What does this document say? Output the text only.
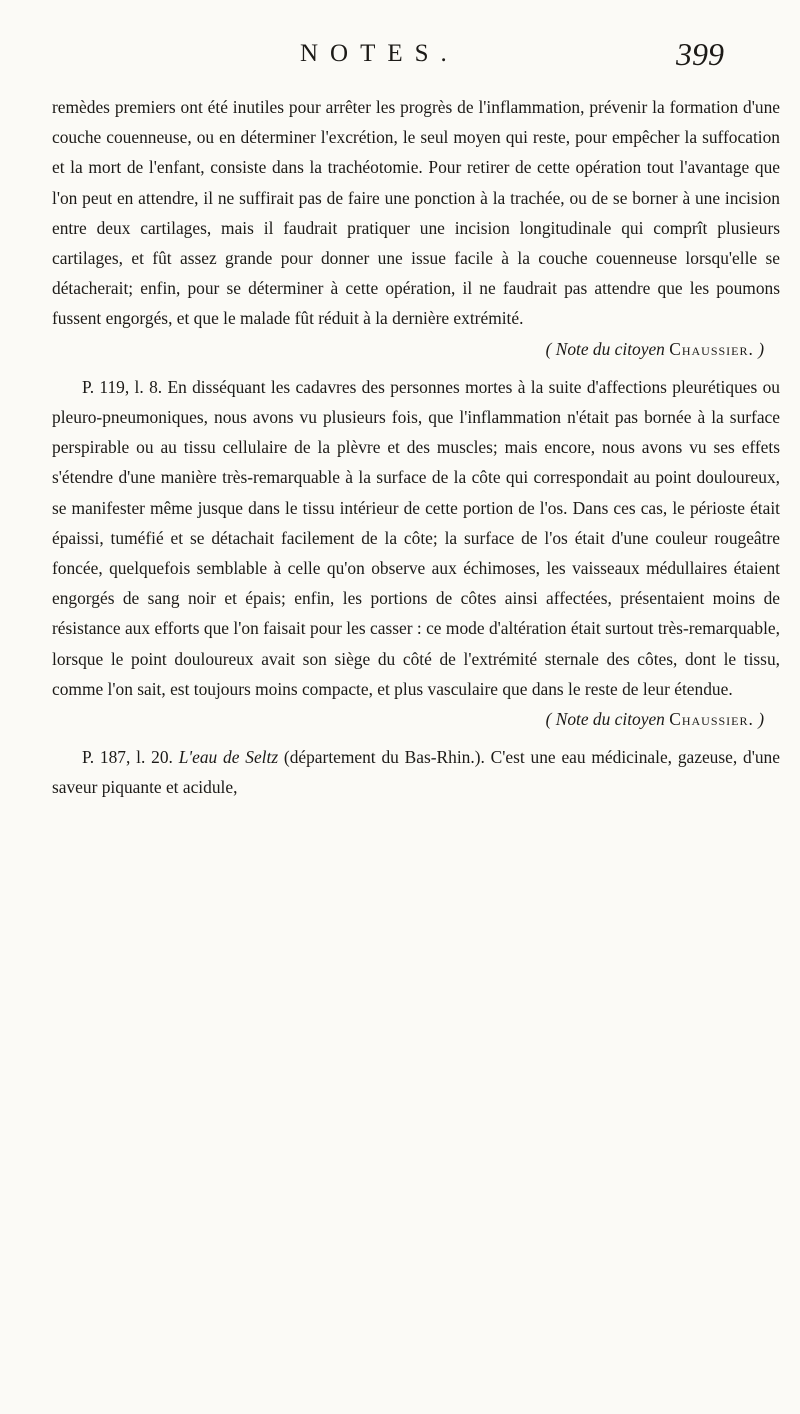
NOTES.	399

remèdes premiers ont été inutiles pour arrêter les progrès de l'inflammation, prévenir la formation d'une couche couenneuse, ou en déterminer l'excrétion, le seul moyen qui reste, pour empêcher la suffocation et la mort de l'enfant, consiste dans la trachéotomie. Pour retirer de cette opération tout l'avantage que l'on peut en attendre, il ne suffirait pas de faire une ponction à la trachée, ou de se borner à une incision entre deux cartilages, mais il faudrait pratiquer une incision longitudinale qui comprît plusieurs cartilages, et fût assez grande pour donner une issue facile à la couche couenneuse lorsqu'elle se détacherait; enfin, pour se déterminer à cette opération, il ne faudrait pas attendre que les poumons fussent engorgés, et que le malade fût réduit à la dernière extrémité.

( Note du citoyen Chaussier. )

P. 119, l. 8. En disséquant les cadavres des personnes mortes à la suite d'affections pleurétiques ou pleuro-pneumoniques, nous avons vu plusieurs fois, que l'inflammation n'était pas bornée à la surface perspirable ou au tissu cellulaire de la plèvre et des muscles; mais encore, nous avons vu ses effets s'étendre d'une manière très-remarquable à la surface de la côte qui correspondait au point douloureux, se manifester même jusque dans le tissu intérieur de cette portion de l'os. Dans ces cas, le périoste était épaissi, tuméfié et se détachait facilement de la côte; la surface de l'os était d'une couleur rougeâtre foncée, quelquefois semblable à celle qu'on observe aux échimoses, les vaisseaux médullaires étaient engorgés de sang noir et épais; enfin, les portions de côtes ainsi affectées, présentaient moins de résistance aux efforts que l'on faisait pour les casser : ce mode d'altération était surtout très-remarquable, lorsque le point douloureux avait son siège du côté de l'extrémité sternale des côtes, dont le tissu, comme l'on sait, est toujours moins compacte, et plus vasculaire que dans le reste de leur étendue.

( Note du citoyen Chaussier. )

P. 187, l. 20. L'eau de Seltz (département du Bas-Rhin.). C'est une eau médicinale, gazeuse, d'une saveur piquante et acidule,
